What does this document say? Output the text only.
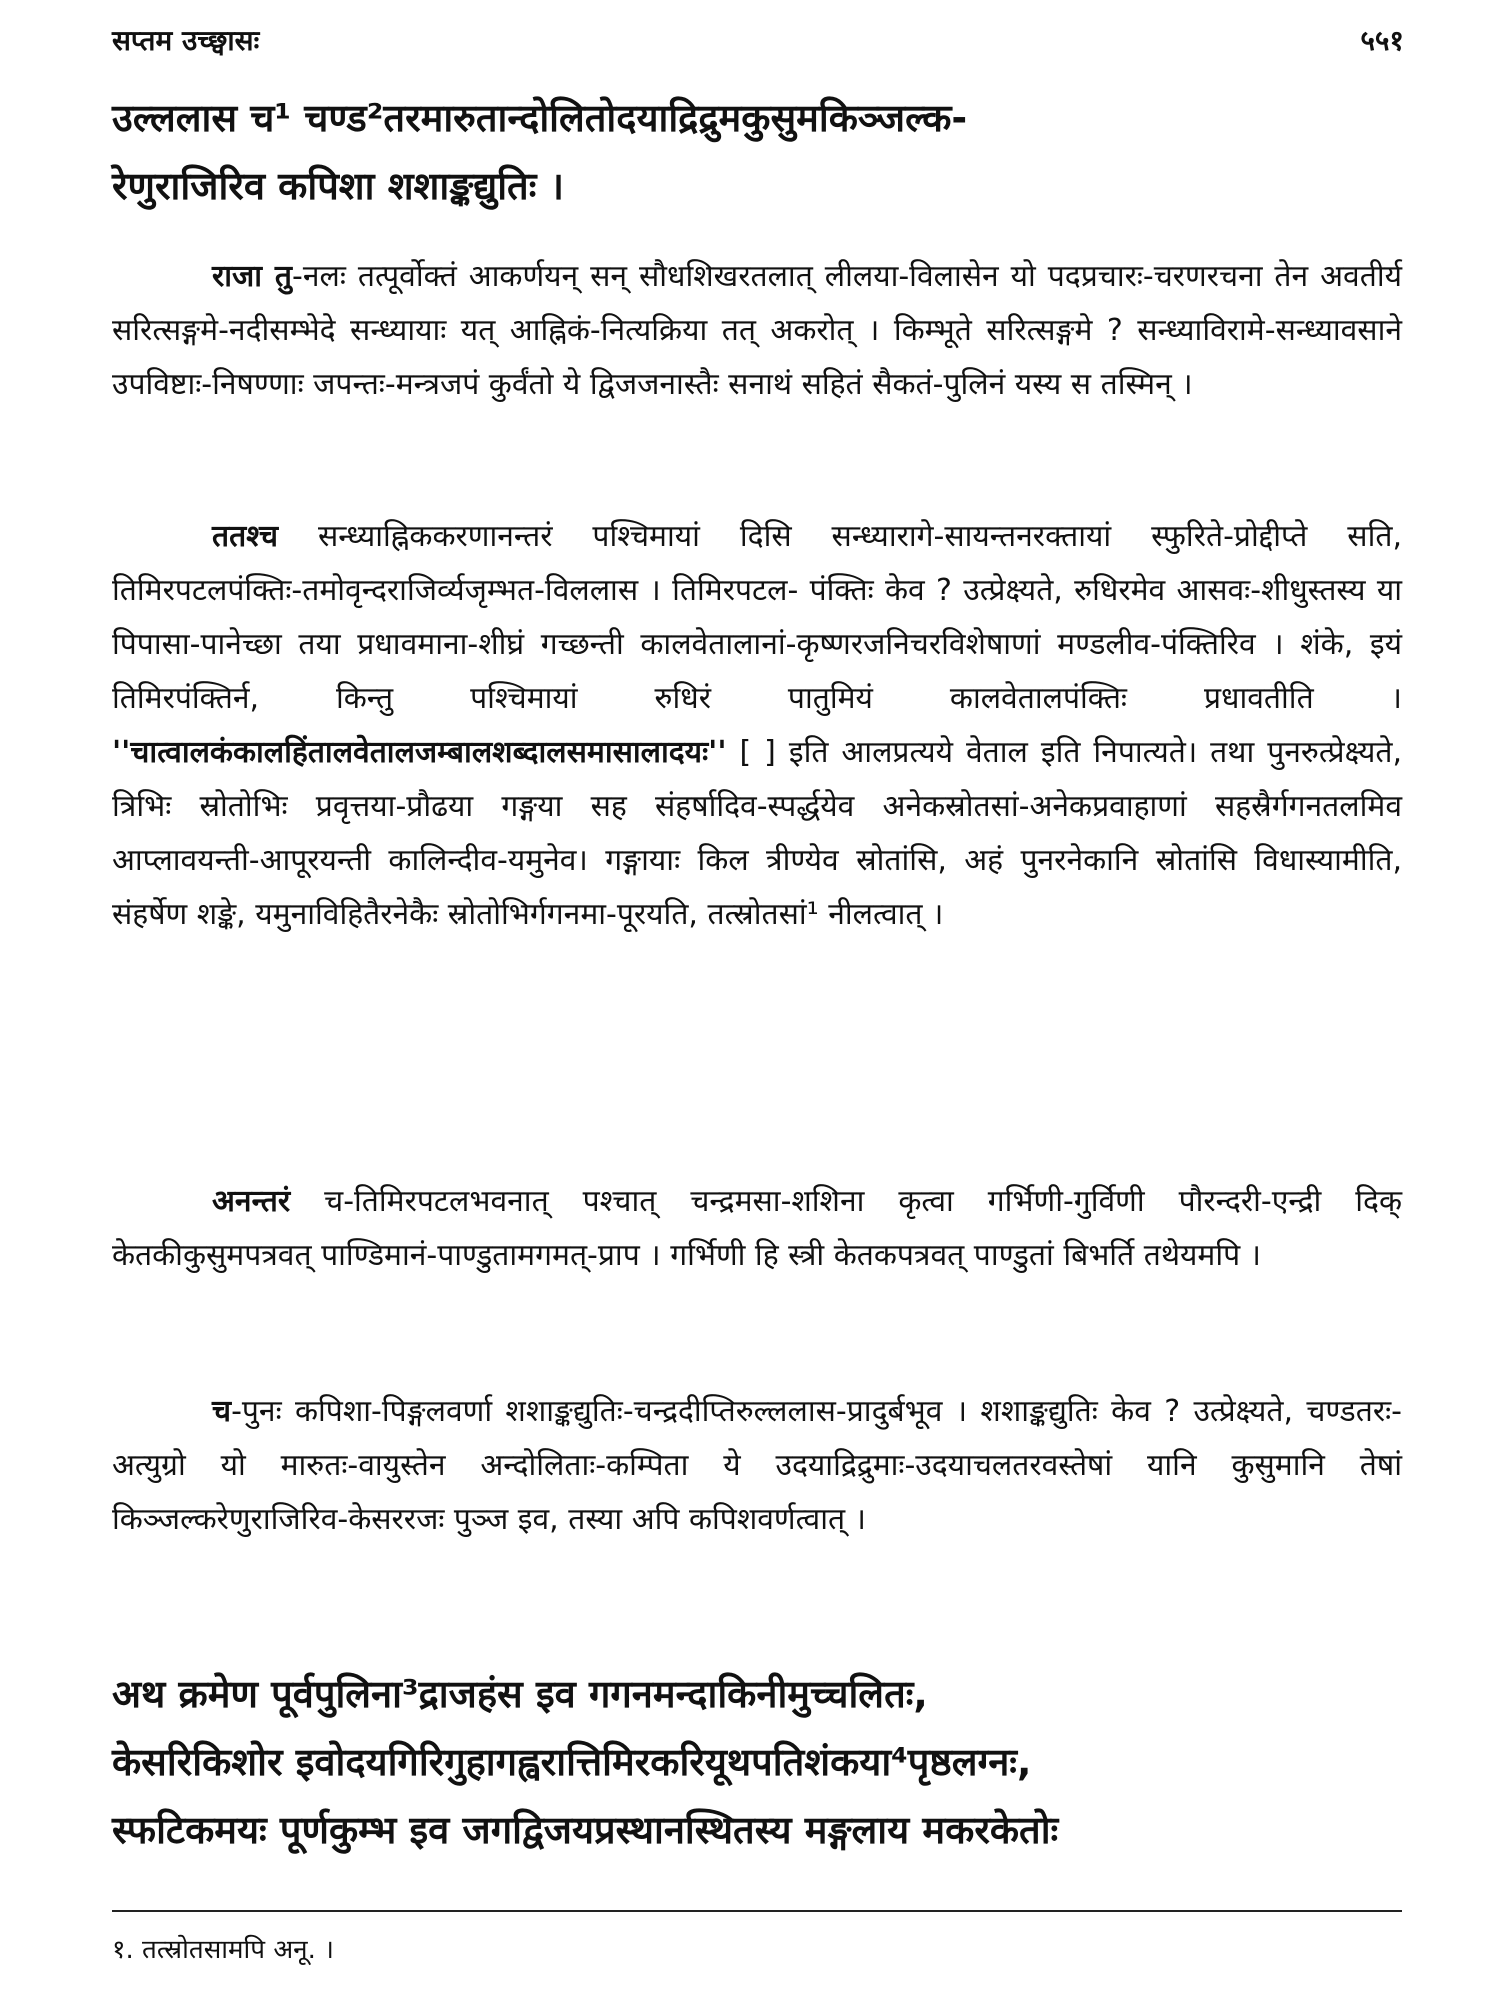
सप्तम उच्छ्वासः	५५१
उल्ललास च¹ चण्ड²तरमारुतान्दोलितोदयाद्रिद्रुमकुसुमकिञ्जल्क-
रेणुराजिरिव कपिशा शशाङ्कद्युतिः ।

राजा तु-नलः तत्पूर्वोक्तं आकर्णयन् सन् सौधशिखरतलात् लीलया-विलासेन यो पदप्रचारः-चरणरचना तेन अवतीर्य सरित्सङ्गमे-नदीसम्भेदे सन्ध्यायाः यत् आह्निकं-नित्यक्रिया तत् अकरोत् । किम्भूते सरित्सङ्गमे ? सन्ध्याविरामे-सन्ध्यावसाने उपविष्टाः-निषण्णाः जपन्तः-मन्त्रजपं कुर्वंतो ये द्विजजनास्तैः सनाथं सहितं सैकतं-पुलिनं यस्य स तस्मिन् ।

ततश्च सन्ध्याह्निककरणानन्तरं पश्चिमायां दिसि सन्ध्यारागे-सायन्तनरक्तायां स्फुरिते-प्रोद्दीप्ते सति, तिमिरपटलपंक्तिः-तमोवृन्दराजिर्व्यजृम्भत-विललास । तिमिरपटल- पंक्तिः केव ? उत्प्रेक्ष्यते, रुधिरमेव आसवः-शीधुस्तस्य या पिपासा-पानेच्छा तया प्रधावमाना-शीघ्रं गच्छन्ती कालवेतालानां-कृष्णरजनिचरविशेषाणां मण्डलीव-पंक्तिरिव । शंके, इयं तिमिरपंक्तिर्न, किन्तु पश्चिमायां रुधिरं पातुमियं कालवेतालपंक्तिः प्रधावतीति । ''चात्वालकंकालहिंतालवेतालजम्बालशब्दालसमासालादयः'' [ ] इति आलप्रत्यये वेताल इति निपात्यते। तथा पुनरुत्प्रेक्ष्यते, त्रिभिः स्रोतोभिः प्रवृत्तया-प्रौढया गङ्गया सह संहर्षादिव-स्पर्द्धयेव अनेकस्रोतसां-अनेकप्रवाहाणां सहस्रैर्गगनतलमिव आप्लावयन्ती-आपूरयन्ती कालिन्दीव-यमुनेव। गङ्गायाः किल त्रीण्येव स्रोतांसि, अहं पुनरनेकानि स्रोतांसि विधास्यामीति, संहर्षेण शङ्के, यमुनाविहितैरनेकैः स्रोतोभिर्गगनमा-पूरयति, तत्स्रोतसां¹ नीलत्वात् ।

अनन्तरं च-तिमिरपटलभवनात् पश्चात् चन्द्रमसा-शशिना कृत्वा गर्भिणी-गुर्विणी पौरन्दरी-एन्द्री दिक् केतकीकुसुमपत्रवत् पाण्डिमानं-पाण्डुतामगमत्-प्राप । गर्भिणी हि स्त्री केतकपत्रवत् पाण्डुतां बिभर्ति तथेयमपि ।

च-पुनः कपिशा-पिङ्गलवर्णा शशाङ्कद्युतिः-चन्द्रदीप्तिरुल्ललास-प्रादुर्बभूव । शशाङ्कद्युतिः केव ? उत्प्रेक्ष्यते, चण्डतरः-अत्युग्रो यो मारुतः-वायुस्तेन अन्दोलिताः-कम्पिता ये उदयाद्रिद्रुमाः-उदयाचलतरवस्तेषां यानि कुसुमानि तेषां किञ्जल्करेणुराजिरिव-केसररजः पुञ्ज इव, तस्या अपि कपिशवर्णत्वात् ।

अथ क्रमेण पूर्वपुलिना³द्राजहंस इव गगनमन्दाकिनीमुच्चलितः,
केसरिकिशोर इवोदयगिरिगुहागह्वरात्तिमिरकरियूथपतिशंकया⁴पृष्ठलग्नः,
स्फटिकमयः पूर्णकुम्भ इव जगद्विजयप्रस्थानस्थितस्य मङ्गलाय मकरकेतोः
१. तत्स्रोतसामपि अनू. ।
